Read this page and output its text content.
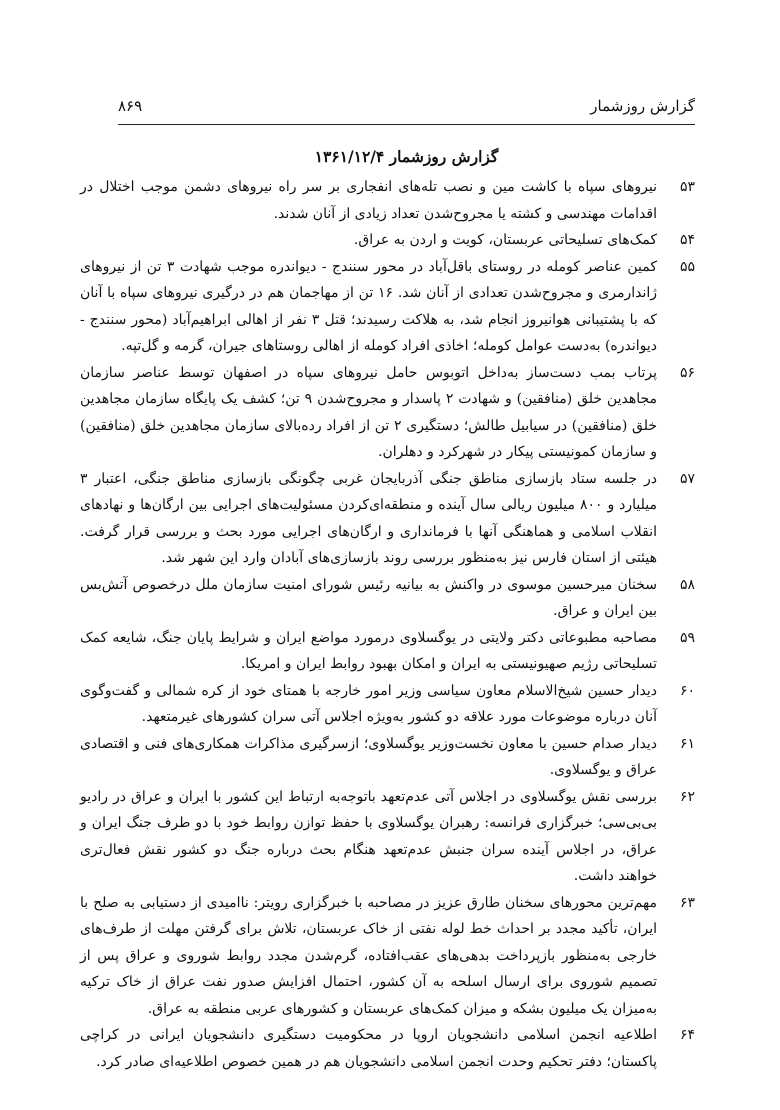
گزارش روزشمار
۸۶۹
گزارش روزشمار ۱۳۶۱/۱۲/۴
۵۳
نیروهای سپاه با کاشت مین و نصب تله‌های انفجاری بر سر راه نیروهای دشمن موجب اختلال در اقدامات مهندسی و کشته یا مجروح‌شدن تعداد زیادی از آنان شدند.
۵۴
کمک‌های تسلیحاتی عربستان، کویت و اردن به عراق.
۵۵
کمین عناصر کومله در روستای باقل‌آباد در محور سنندج - دیواندره موجب شهادت ۳ تن از نیروهای ژاندارمری و مجروح‌شدن تعدادی از آنان شد. ۱۶ تن از مهاجمان هم در درگیری نیروهای سپاه با آنان که با پشتیبانی هوانیروز انجام شد، به هلاکت رسیدند؛ قتل ۳ نفر از اهالی ابراهیم‌آباد (محور سنندج - دیواندره) به‌دست عوامل کومله؛ اخاذی افراد کومله از اهالی روستاهای جیران، گرمه و گل‌تپه.
۵۶
پرتاب بمب دست‌ساز به‌داخل اتوبوس حامل نیروهای سپاه در اصفهان توسط عناصر سازمان مجاهدین خلق (منافقین) و شهادت ۲ پاسدار و مجروح‌شدن ۹ تن؛ کشف یک پایگاه سازمان مجاهدین خلق (منافقین) در سیابیل طالش؛ دستگیری ۲ تن از افراد رده‌بالای سازمان مجاهدین خلق (منافقین) و سازمان کمونیستی پیکار در شهرکرد و دهلران.
۵۷
در جلسه ستاد بازسازی مناطق جنگی آذربایجان غربی چگونگی بازسازی مناطق جنگی، اعتبار ۳ میلیارد و ۸۰۰ میلیون ریالی سال آینده و منطقه‌ای‌کردن مسئولیت‌های اجرایی بین ارگان‌ها و نهادهای انقلاب اسلامی و هماهنگی آنها با فرمانداری و ارگان‌های اجرایی مورد بحث و بررسی قرار گرفت. هیئتی از استان فارس نیز به‌منظور بررسی روند بازسازی‌های آبادان وارد این شهر شد.
۵۸
سخنان میرحسین موسوی در واکنش به بیانیه رئیس شورای امنیت سازمان ملل درخصوص آتش‌بس بین ایران و عراق.
۵۹
مصاحبه مطبوعاتی دکتر ولایتی در یوگسلاوی درمورد مواضع ایران و شرایط پایان جنگ، شایعه کمک تسلیحاتی رژیم صهیونیستی به ایران و امکان بهبود روابط ایران و امریکا.
۶۰
دیدار حسین شیخ‌الاسلام معاون سیاسی وزیر امور خارجه با همتای خود از کره شمالی و گفت‌وگوی آنان درباره موضوعات مورد علاقه دو کشور به‌ویژه اجلاس آتی سران کشورهای غیرمتعهد.
۶۱
دیدار صدام حسین با معاون نخست‌وزیر یوگسلاوی؛ ازسرگیری مذاکرات همکاری‌های فنی و اقتصادی عراق و یوگسلاوی.
۶۲
بررسی نقش یوگسلاوی در اجلاس آتی عدم‌تعهد باتوجه‌به ارتباط این کشور با ایران و عراق در رادیو بی‌بی‌سی؛ خبرگزاری فرانسه: رهبران یوگسلاوی با حفظ توازن روابط خود با دو طرف جنگ ایران و عراق، در اجلاس آینده سران جنبش عدم‌تعهد هنگام بحث درباره جنگ دو کشور نقش فعال‌تری خواهند داشت.
۶۳
مهم‌ترین محورهای سخنان طارق عزیز در مصاحبه با خبرگزاری رویتر: ناامیدی از دستیابی به صلح با ایران، تأکید مجدد بر احداث خط لوله نفتی از خاک عربستان، تلاش برای گرفتن مهلت از طرف‌های خارجی به‌منظور بازپرداخت بدهی‌های عقب‌افتاده، گرم‌شدن مجدد روابط شوروی و عراق پس از تصمیم شوروی برای ارسال اسلحه به آن کشور، احتمال افزایش صدور نفت عراق از خاک ترکیه به‌میزان یک میلیون بشکه و میزان کمک‌های عربستان و کشورهای عربی منطقه به عراق.
۶۴
اطلاعیه انجمن اسلامی دانشجویان اروپا در محکومیت دستگیری دانشجویان ایرانی در کراچی پاکستان؛ دفتر تحکیم وحدت انجمن اسلامی دانشجویان هم در همین خصوص اطلاعیه‌ای صادر کرد.
